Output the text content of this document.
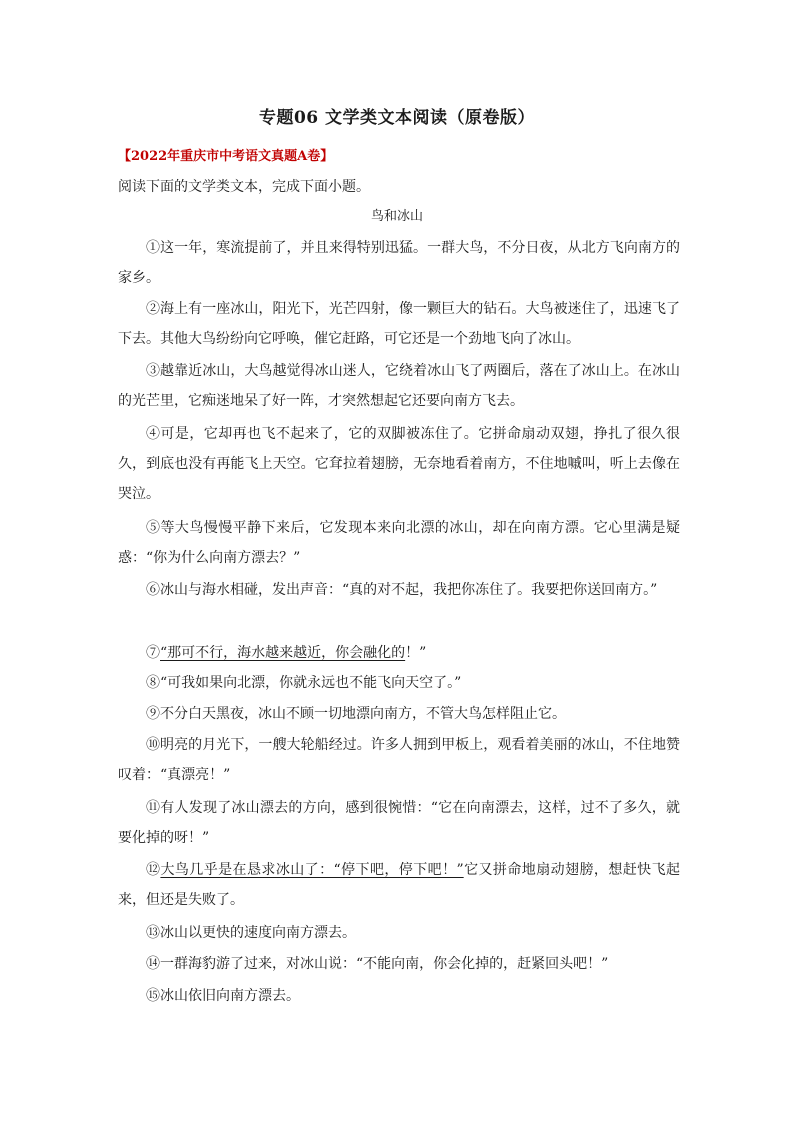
专题06 文学类文本阅读（原卷版）
【2022年重庆市中考语文真题A卷】
阅读下面的文学类文本，完成下面小题。
鸟和冰山
①这一年，寒流提前了，并且来得特别迅猛。一群大鸟，不分日夜，从北方飞向南方的家乡。
②海上有一座冰山，阳光下，光芒四射，像一颗巨大的钻石。大鸟被迷住了，迅速飞了下去。其他大鸟纷纷向它呼唤，催它赶路，可它还是一个劲地飞向了冰山。
③越靠近冰山，大鸟越觉得冰山迷人，它绕着冰山飞了两圈后，落在了冰山上。在冰山的光芒里，它痴迷地呆了好一阵，才突然想起它还要向南方飞去。
④可是，它却再也飞不起来了，它的双脚被冻住了。它拼命扇动双翅，挣扎了很久很久，到底也没有再能飞上天空。它耷拉着翅膀，无奈地看着南方，不住地嘁叫，听上去像在哭泣。
⑤等大鸟慢慢平静下来后，它发现本来向北漂的冰山，却在向南方漂。它心里满是疑惑：“你为什么向南方漂去？”
⑥冰山与海水相碰，发出声音：“真的对不起，我把你冻住了。我要把你送回南方。”
⑦“那可不行，海水越来越近，你会融化的！”
⑧“可我如果向北漂，你就永远也不能飞向天空了。”
⑨不分白天黑夜，冰山不顾一切地漂向南方，不管大鸟怎样阻止它。
⑩明亮的月光下，一艘大轮船经过。许多人拥到甲板上，观看着美丽的冰山，不住地赞叹着：“真漂亮！”
⑪有人发现了冰山漂去的方向，感到很惋惜：“它在向南漂去，这样，过不了多久，就要化掉的呀！”
⑫大鸟几乎是在恳求冰山了：“停下吧，停下吧！”它又拼命地扇动翅膀，想赶快飞起来，但还是失败了。
⑬冰山以更快的速度向南方漂去。
⑭一群海豹游了过来，对冰山说：“不能向南，你会化掉的，赶紧回头吧！”
⑮冰山依旧向南方漂去。
